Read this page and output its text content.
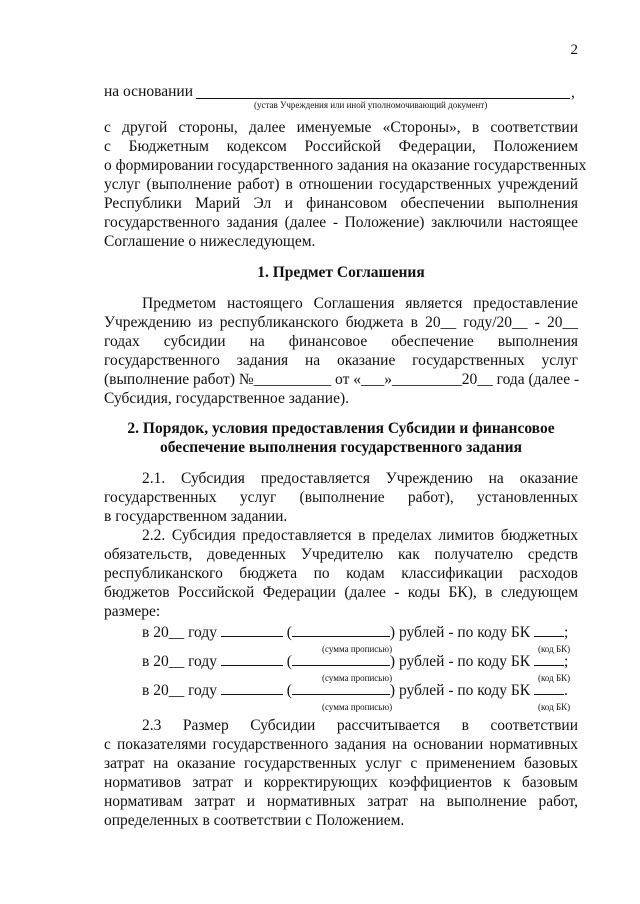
2
на основании	,
(устав Учреждения или иной уполномочивающий документ)
с другой стороны, далее именуемые «Стороны», в соответствии
с Бюджетным кодексом Российской Федерации, Положением
о формировании государственного задания на оказание государственных
услуг (выполнение работ) в отношении государственных учреждений
Республики Марий Эл и финансовом обеспечении выполнения
государственного задания (далее - Положение) заключили настоящее
Соглашение о нижеследующем.
1. Предмет Соглашения
Предметом настоящего Соглашения является предоставление
Учреждению из республиканского бюджета в 20__ году/20__ - 20__
годах субсидии на финансовое обеспечение выполнения
государственного задания на оказание государственных услуг
(выполнение работ) №__________ от «___»_________20__ года (далее -
Субсидия, государственное задание).
2. Порядок, условия предоставления Субсидии и финансовое
обеспечение выполнения государственного задания
2.1. Субсидия предоставляется Учреждению на оказание
государственных услуг (выполнение работ), установленных
в государственном задании.
2.2. Субсидия предоставляется в пределах лимитов бюджетных
обязательств, доведенных Учредителю как получателю средств
республиканского бюджета по кодам классификации расходов
бюджетов Российской Федерации (далее - коды БК), в следующем
размере:
в 20__ году	(	) рублей - по коду БК ;
(сумма прописью)	(код БК)
в 20__ году	(	) рублей - по коду БК ;
(сумма прописью)	(код БК)
в 20__ году	(	) рублей - по коду БК .
(сумма прописью)	(код БК)
2.3 Размер Субсидии рассчитывается в соответствии
с показателями государственного задания на основании нормативных
затрат на оказание государственных услуг с применением базовых
нормативов затрат и корректирующих коэффициентов к базовым
нормативам затрат и нормативных затрат на выполнение работ,
определенных в соответствии с Положением.
